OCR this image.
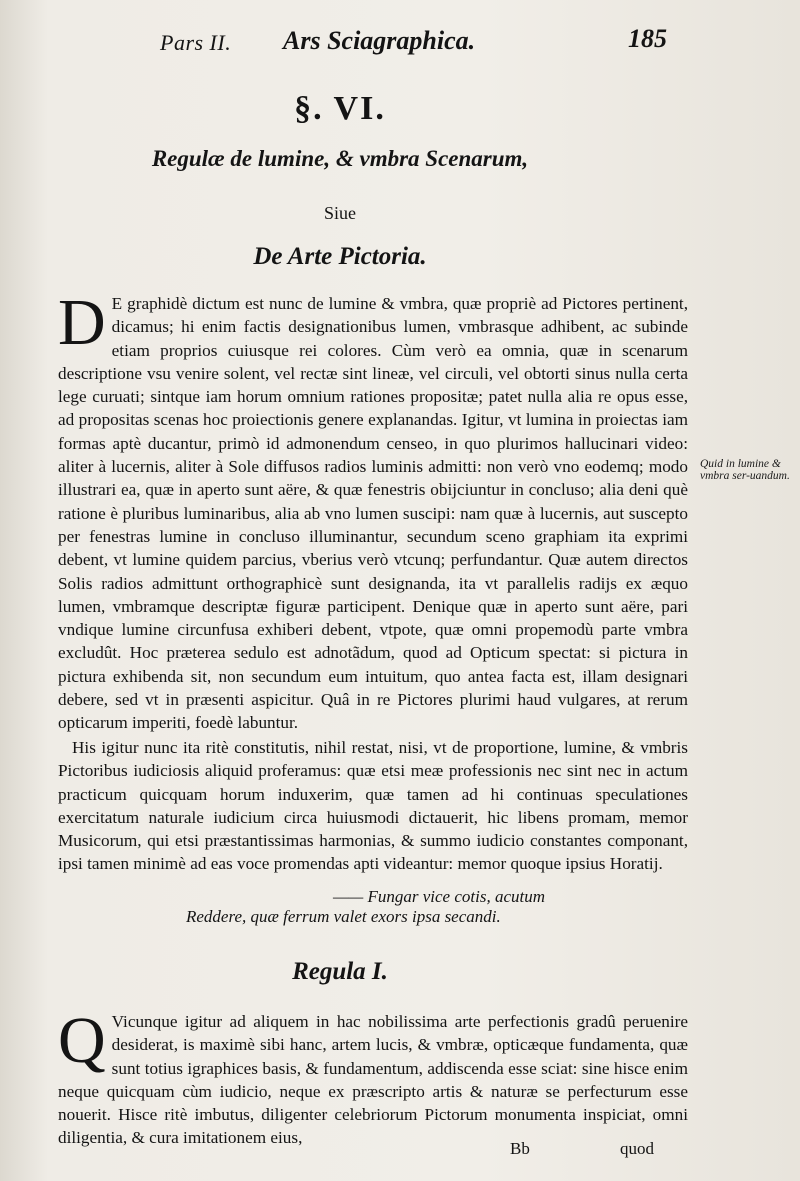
Pars II. Ars Sciagraphica.	185
§. VI.
Regulæ de lumine, & vmbra Scenarum,
Siue
De Arte Pictoria.

D E graphidè dictum est nunc de lumine & vmbra, quæ propriè ad Pictores pertinent, dicamus; hi enim factis designationibus lumen, vmbrasque adhibent, ac subinde etiam proprios cuiusque rei colores. Cùm verò ea omnia, quæ in scenarum descriptione vsu venire solent, vel rectæ sint lineæ, vel circuli, vel obtorti sinus nulla certa lege curuati; sintque iam horum omnium rationes propositæ; patet nulla alia re opus esse, ad propositas scenas hoc proiectionis genere explanandas. Igitur, vt lumina in proiectas iam formas aptè ducantur, primò id admonendum censeo, in quo plurimos hallucinari video: aliter à lucernis, aliter à Sole diffusos radios luminis admitti: non verò vno eodemq; modo illustrari ea, quæ in aperto sunt aëre, & quæ fenestris obijciuntur in concluso; alia deni què ratione è pluribus luminaribus, alia ab vno lumen suscipi: nam quæ à lucernis, aut suscepto per fenestras lumine in concluso illuminantur, secundum sceno graphiam ita exprimi debent, vt lumine quidem parcius, vberius verò vtcunq; perfundantur. Quæ autem directos Solis radios admittunt orthographicè sunt designanda, ita vt parallelis radijs ex æquo lumen, vmbramque descriptæ figuræ participent. Denique quæ in aperto sunt aëre, pari vndique lumine circunfusa exhiberi debent, vtpote, quæ omni propemodù parte vmbra excludût. Hoc præterea sedulo est adnotãdum, quod ad Opticum spectat: si pictura in pictura exhibenda sit, non secundum eum intuitum, quo antea facta est, illam designari debere, sed vt in præsenti aspicitur. Quâ in re Pictores plurimi haud vulgares, at rerum opticarum imperiti, foedè labuntur.

His igitur nunc ita ritè constitutis, nihil restat, nisi, vt de proportione, lumine, & vmbris Pictoribus iudiciosis aliquid proferamus: quæ etsi meæ professionis nec sint nec in actum practicum quicquam horum induxerim, quæ tamen ad hi continuas speculationes exercitatum naturale iudicium circa huiusmodi dictauerit, hic libens promam, memor Musicorum, qui etsi præstantissimas harmonias, & summo iudicio constantes componant, ipsi tamen minimè ad eas voce promendas apti videantur: memor quoque ipsius Horatij.

—— Fungar vice cotis, acutum
Reddere, quæ ferrum valet exors ipsa secandi.
Regula I.

Q Vicunque igitur ad aliquem in hac nobilissima arte perfectionis gradû peruenire desiderat, is maximè sibi hanc, artem lucis, & vmbræ, opticæque fundamenta, quæ sunt totius igraphices basis, & fundamentum, addiscenda esse sciat: sine hisce enim neque quicquam cùm iudicio, neque ex præscripto artis & naturæ se perfecturum esse nouerit. Hisce ritè imbutus, diligenter celebriorum Pictorum monumenta inspiciat, omni diligentia, & cura imitationem eius,

Quid in lumine & vmbra ser-uandum.
Bb	quod
